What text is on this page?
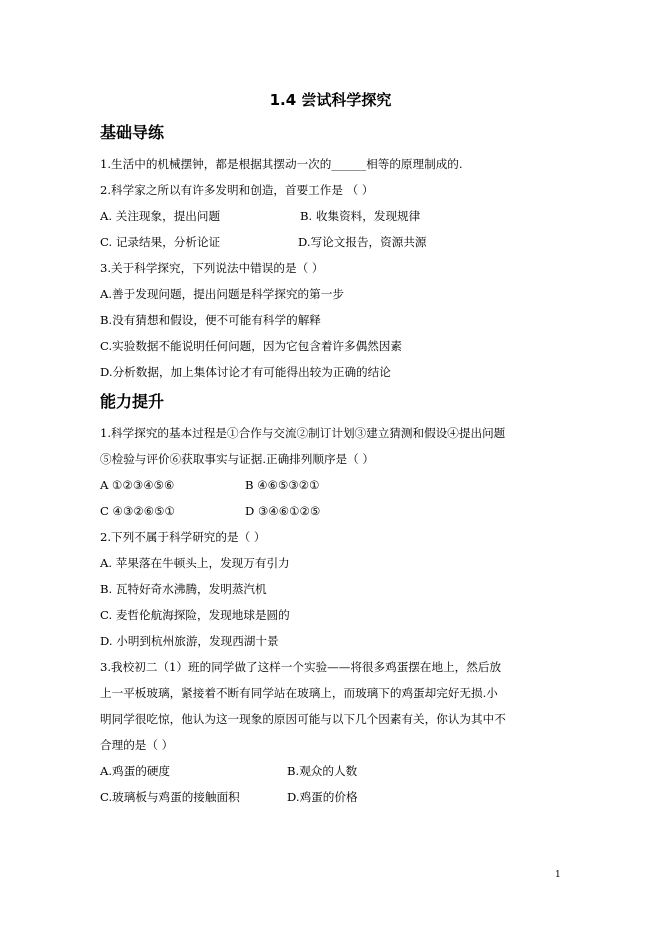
1.4 尝试科学探究
基础导练
1.生活中的机械摆钟，都是根据其摆动一次的______相等的原理制成的.
2.科学家之所以有许多发明和创造，首要工作是 （ ）
A. 关注现象，提出问题	B. 收集资料，发现规律
C. 记录结果，分析论证	D.写论文报告，资源共源
3.关于科学探究，下列说法中错误的是（ ）
A.善于发现问题，提出问题是科学探究的第一步
B.没有猜想和假设，便不可能有科学的解释
C.实验数据不能说明任何问题，因为它包含着许多偶然因素
D.分析数据，加上集体讨论才有可能得出较为正确的结论
能力提升
1.科学探究的基本过程是①合作与交流②制订计划③建立猜测和假设④提出问题
⑤检验与评价⑥获取事实与证据.正确排列顺序是（ ）
A ①②③④⑤⑥	B ④⑥⑤③②①
C ④③②⑥⑤①	D ③④⑥①②⑤
2.下列不属于科学研究的是（ ）
A. 苹果落在牛顿头上，发现万有引力
B. 瓦特好奇水沸腾，发明蒸汽机
C. 麦哲伦航海探险，发现地球是圆的
D. 小明到杭州旅游，发现西湖十景
3.我校初二（1）班的同学做了这样一个实验——将很多鸡蛋摆在地上，然后放
上一平板玻璃，紧接着不断有同学站在玻璃上，而玻璃下的鸡蛋却完好无损.小
明同学很吃惊，他认为这一现象的原因可能与以下几个因素有关，你认为其中不
合理的是（ ）
A.鸡蛋的硬度	B.观众的人数
C.玻璃板与鸡蛋的接触面积	D.鸡蛋的价格
1
